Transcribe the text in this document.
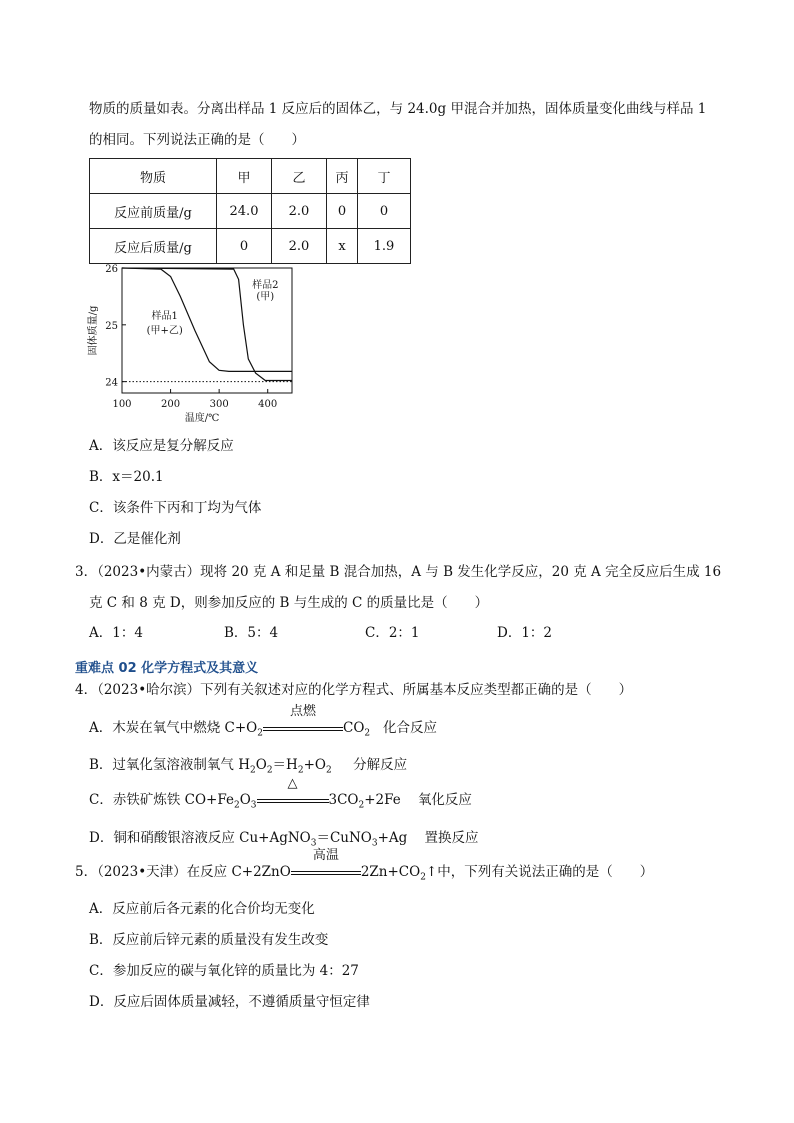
物质的质量如表。分离出样品 1 反应后的固体乙，与 24.0g 甲混合并加热，固体质量变化曲线与样品 1
的相同。下列说法正确的是（　　）
物质	甲	乙	丙	丁
反应前质量/g	24.0	2.0	0	0
反应后质量/g	0	2.0	x	1.9
100	200	300	400
24
25
26
样品1
(甲+乙)
样品2
(甲)
温度/℃
固体质量/g
A．该反应是复分解反应
B．x＝20.1
C．该条件下丙和丁均为气体
D．乙是催化剂
3．（2023•内蒙古）现将 20 克 A 和足量 B 混合加热，A 与 B 发生化学反应，20 克 A 完全反应后生成 16
克 C 和 8 克 D，则参加反应的 B 与生成的 C 的质量比是（　　）
A．1：4	B．5：4	C．2：1	D．1：2
重难点 02 化学方程式及其意义
4．（2023•哈尔滨）下列有关叙述对应的化学方程式、所属基本反应类型都正确的是（　　）
A．木炭在氧气中燃烧 $C+O_2$
点燃
$CO_2$ 化合反应
B．过氧化氢溶液制氧气 $H_2O_2=H_2+O_2$ 分解反应
C．赤铁矿炼铁 $CO+Fe_2O_3$
△
$3CO_2+2Fe$ 氧化反应
D．铜和硝酸银溶液反应 Cu+AgNO$_3$＝CuNO$_3$+Ag 置换反应
5．（2023•天津）在反应 C+2ZnO
高温
$2Zn+CO_2↑$中，下列有关说法正确的是（　　）
A．反应前后各元素的化合价均无变化
B．反应前后锌元素的质量没有发生改变
C．参加反应的碳与氧化锌的质量比为 4：27
D．反应后固体质量减轻，不遵循质量守恒定律
